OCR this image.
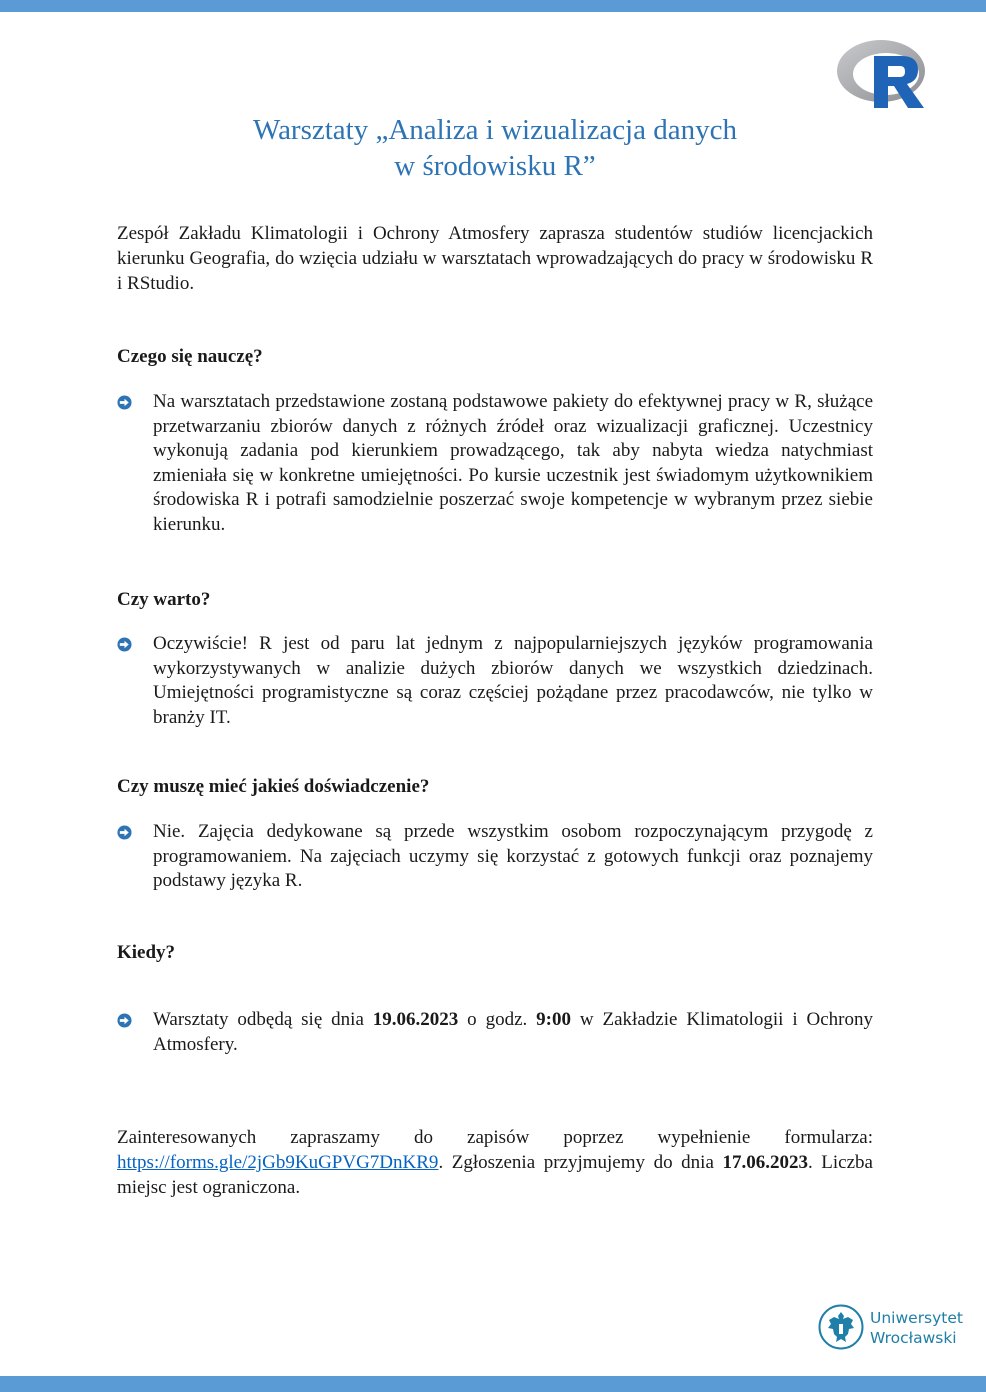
Warsztaty „Analiza i wizualizacja danych
w środowisku R”
Zespół Zakładu Klimatologii i Ochrony Atmosfery zaprasza studentów studiów licencjackich kierunku Geografia, do wzięcia udziału w warsztatach wprowadzających do pracy w środowisku R i RStudio.
Czego się nauczę?
Na warsztatach przedstawione zostaną podstawowe pakiety do efektywnej pracy w R, służące przetwarzaniu zbiorów danych z różnych źródeł oraz wizualizacji graficznej. Uczestnicy wykonują zadania pod kierunkiem prowadzącego, tak aby nabyta wiedza natychmiast zmieniała się w konkretne umiejętności. Po kursie uczestnik jest świadomym użytkownikiem środowiska R i potrafi samodzielnie poszerzać swoje kompetencje w wybranym przez siebie kierunku.
Czy warto?
Oczywiście! R jest od paru lat jednym z najpopularniejszych języków programowania wykorzystywanych w analizie dużych zbiorów danych we wszystkich dziedzinach. Umiejętności programistyczne są coraz częściej pożądane przez pracodawców, nie tylko w branży IT.
Czy muszę mieć jakieś doświadczenie?
Nie. Zajęcia dedykowane są przede wszystkim osobom rozpoczynającym przygodę z programowaniem. Na zajęciach uczymy się korzystać z gotowych funkcji oraz poznajemy podstawy języka R.
Kiedy?
Warsztaty odbędą się dnia 19.06.2023 o godz. 9:00 w Zakładzie Klimatologii i Ochrony Atmosfery.
Zainteresowanych zapraszamy do zapisów poprzez wypełnienie formularza: https://forms.gle/2jGb9KuGPVG7DnKR9. Zgłoszenia przyjmujemy do dnia 17.06.2023. Liczba miejsc jest ograniczona.
Uniwersytet
Wrocławski
